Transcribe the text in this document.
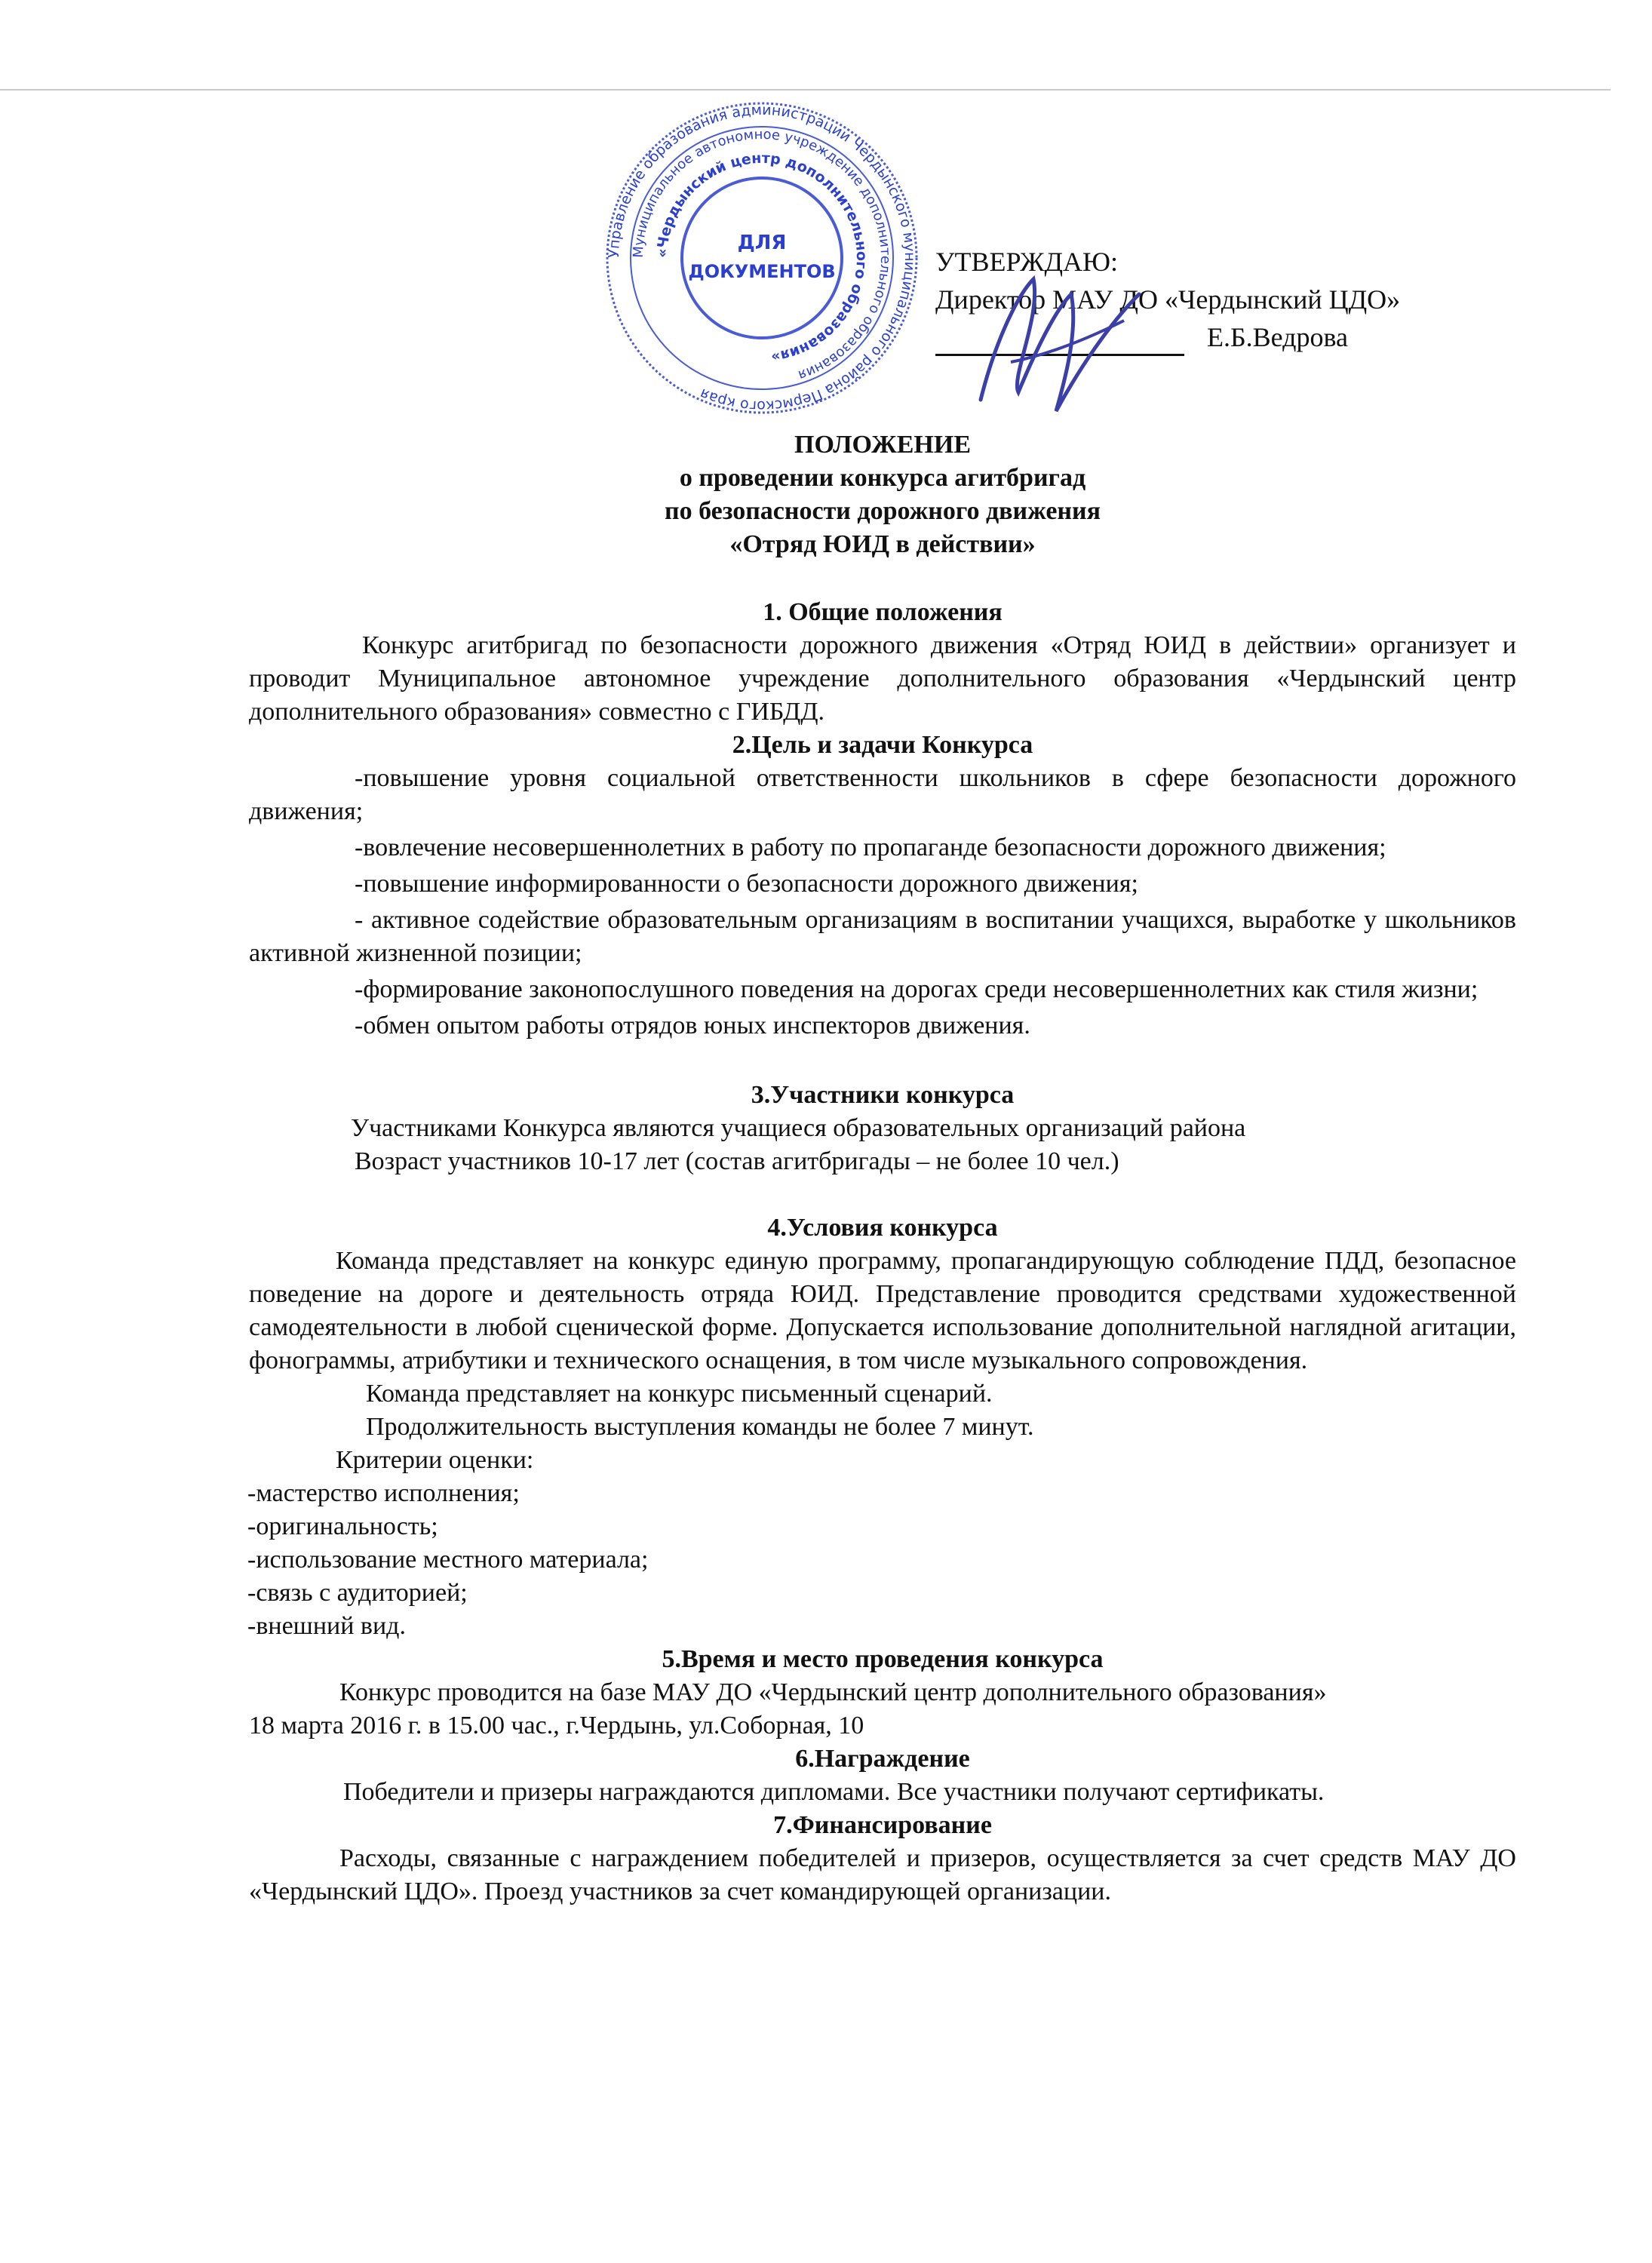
Управление образования администрации Чердынского муниципального района Пермского края
Муниципальное автономное учреждение дополнительного образования
«Чердынский центр дополнительного образования»
ДЛЯ
ДОКУМЕНТОВ	УТВЕРЖДАЮ:
Директор МАУ ДО «Чердынский ЦДО»
Е.Б.Ведрова
ПОЛОЖЕНИЕ
о проведении конкурса агитбригад
по безопасности дорожного движения
«Отряд ЮИД в действии»
1. Общие положения
Конкурс агитбригад по безопасности дорожного движения «Отряд ЮИД в действии» организует и проводит Муниципальное автономное учреждение дополнительного образования «Чердынский центр дополнительного образования» совместно с ГИБДД.
2.Цель и задачи Конкурса
-повышение уровня социальной ответственности школьников в сфере безопасности дорожного движения;
-вовлечение несовершеннолетних в работу по пропаганде безопасности дорожного движения;
-повышение информированности о безопасности дорожного движения;
- активное содействие образовательным организациям в воспитании учащихся, выработке у школьников активной жизненной позиции;
-формирование законопослушного поведения на дорогах среди несовершеннолетних как стиля жизни;
-обмен опытом работы отрядов юных инспекторов движения.
3.Участники конкурса
Участниками Конкурса являются учащиеся образовательных организаций района
Возраст участников 10-17 лет (состав агитбригады – не более 10 чел.)
4.Условия конкурса
Команда представляет на конкурс единую программу, пропагандирующую соблюдение ПДД, безопасное поведение на дороге и деятельность отряда ЮИД. Представление проводится средствами художественной самодеятельности в любой сценической форме. Допускается использование дополнительной наглядной агитации, фонограммы, атрибутики и технического оснащения, в том числе музыкального сопровождения.
Команда представляет на конкурс письменный сценарий.
Продолжительность выступления команды не более 7 минут.
Критерии оценки:
-мастерство исполнения;
-оригинальность;
-использование местного материала;
-связь с аудиторией;
-внешний вид.
5.Время и место проведения конкурса
Конкурс проводится на базе МАУ ДО «Чердынский центр дополнительного образования»
18 марта 2016 г. в 15.00 час., г.Чердынь, ул.Соборная, 10
6.Награждение
Победители и призеры награждаются дипломами. Все участники получают сертификаты.
7.Финансирование
Расходы, связанные с награждением победителей и призеров, осуществляется за счет средств МАУ ДО «Чердынский ЦДО». Проезд участников за счет командирующей организации.
